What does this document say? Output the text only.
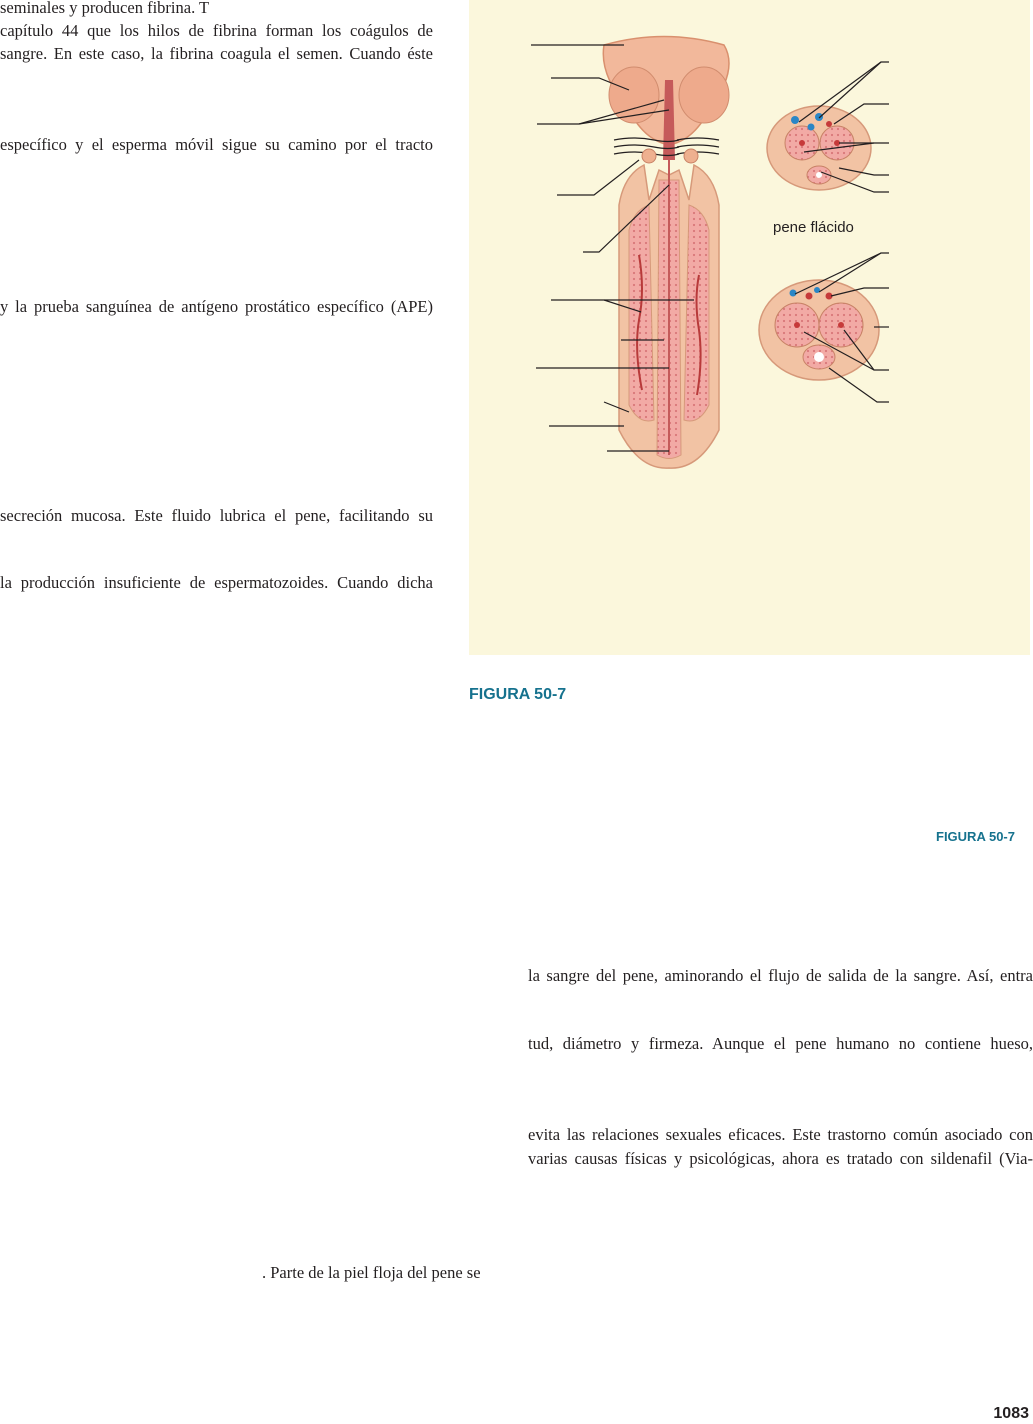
seminales y producen fibrina. T
capítulo 44 que los hilos de fibrina forman los coágulos de
sangre. En este caso, la fibrina coagula el semen. Cuando éste
específico y el esperma móvil sigue su camino por el tracto
y la prueba sanguínea de antígeno prostático específico (APE)
secreción mucosa. Este fluido lubrica el pene, facilitando su
la producción insuficiente de espermatozoides. Cuando dicha
. Parte de la piel floja del pene se
pene flácido
FIGURA 50-7
FIGURA 50-7
la sangre del pene, aminorando el flujo de salida de la sangre. Así, entra
tud, diámetro y firmeza. Aunque el pene humano no contiene hueso,
evita las relaciones sexuales eficaces. Este trastorno común asociado con
varias causas físicas y psicológicas, ahora es tratado con sildenafil (Via-
1083
